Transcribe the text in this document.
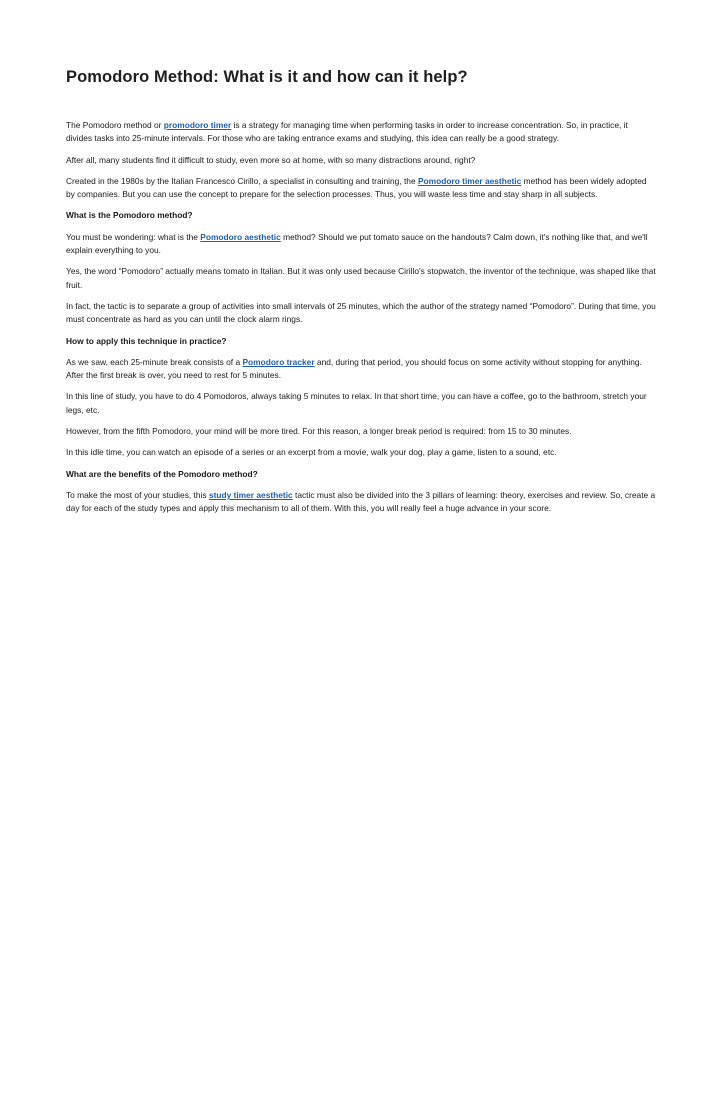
Pomodoro Method: What is it and how can it help?

The Pomodoro method or promodoro timer is a strategy for managing time when performing tasks in order to increase concentration. So, in practice, it divides tasks into 25-minute intervals. For those who are taking entrance exams and studying, this idea can really be a good strategy.

After all, many students find it difficult to study, even more so at home, with so many distractions around, right?

Created in the 1980s by the Italian Francesco Cirillo, a specialist in consulting and training, the Pomodoro timer aesthetic method has been widely adopted by companies. But you can use the concept to prepare for the selection processes. Thus, you will waste less time and stay sharp in all subjects.

What is the Pomodoro method?

You must be wondering: what is the Pomodoro aesthetic method? Should we put tomato sauce on the handouts? Calm down, it's nothing like that, and we'll explain everything to you.

Yes, the word “Pomodoro” actually means tomato in Italian. But it was only used because Cirillo's stopwatch, the inventor of the technique, was shaped like that fruit.

In fact, the tactic is to separate a group of activities into small intervals of 25 minutes, which the author of the strategy named “Pomodoro”. During that time, you must concentrate as hard as you can until the clock alarm rings.

How to apply this technique in practice?

As we saw, each 25-minute break consists of a Pomodoro tracker and, during that period, you should focus on some activity without stopping for anything. After the first break is over, you need to rest for 5 minutes.

In this line of study, you have to do 4 Pomodoros, always taking 5 minutes to relax. In that short time, you can have a coffee, go to the bathroom, stretch your legs, etc.

However, from the fifth Pomodoro, your mind will be more tired. For this reason, a longer break period is required: from 15 to 30 minutes.

In this idle time, you can watch an episode of a series or an excerpt from a movie, walk your dog, play a game, listen to a sound, etc.

What are the benefits of the Pomodoro method?

To make the most of your studies, this study timer aesthetic tactic must also be divided into the 3 pillars of learning: theory, exercises and review. So, create a day for each of the study types and apply this mechanism to all of them. With this, you will really feel a huge advance in your score.
